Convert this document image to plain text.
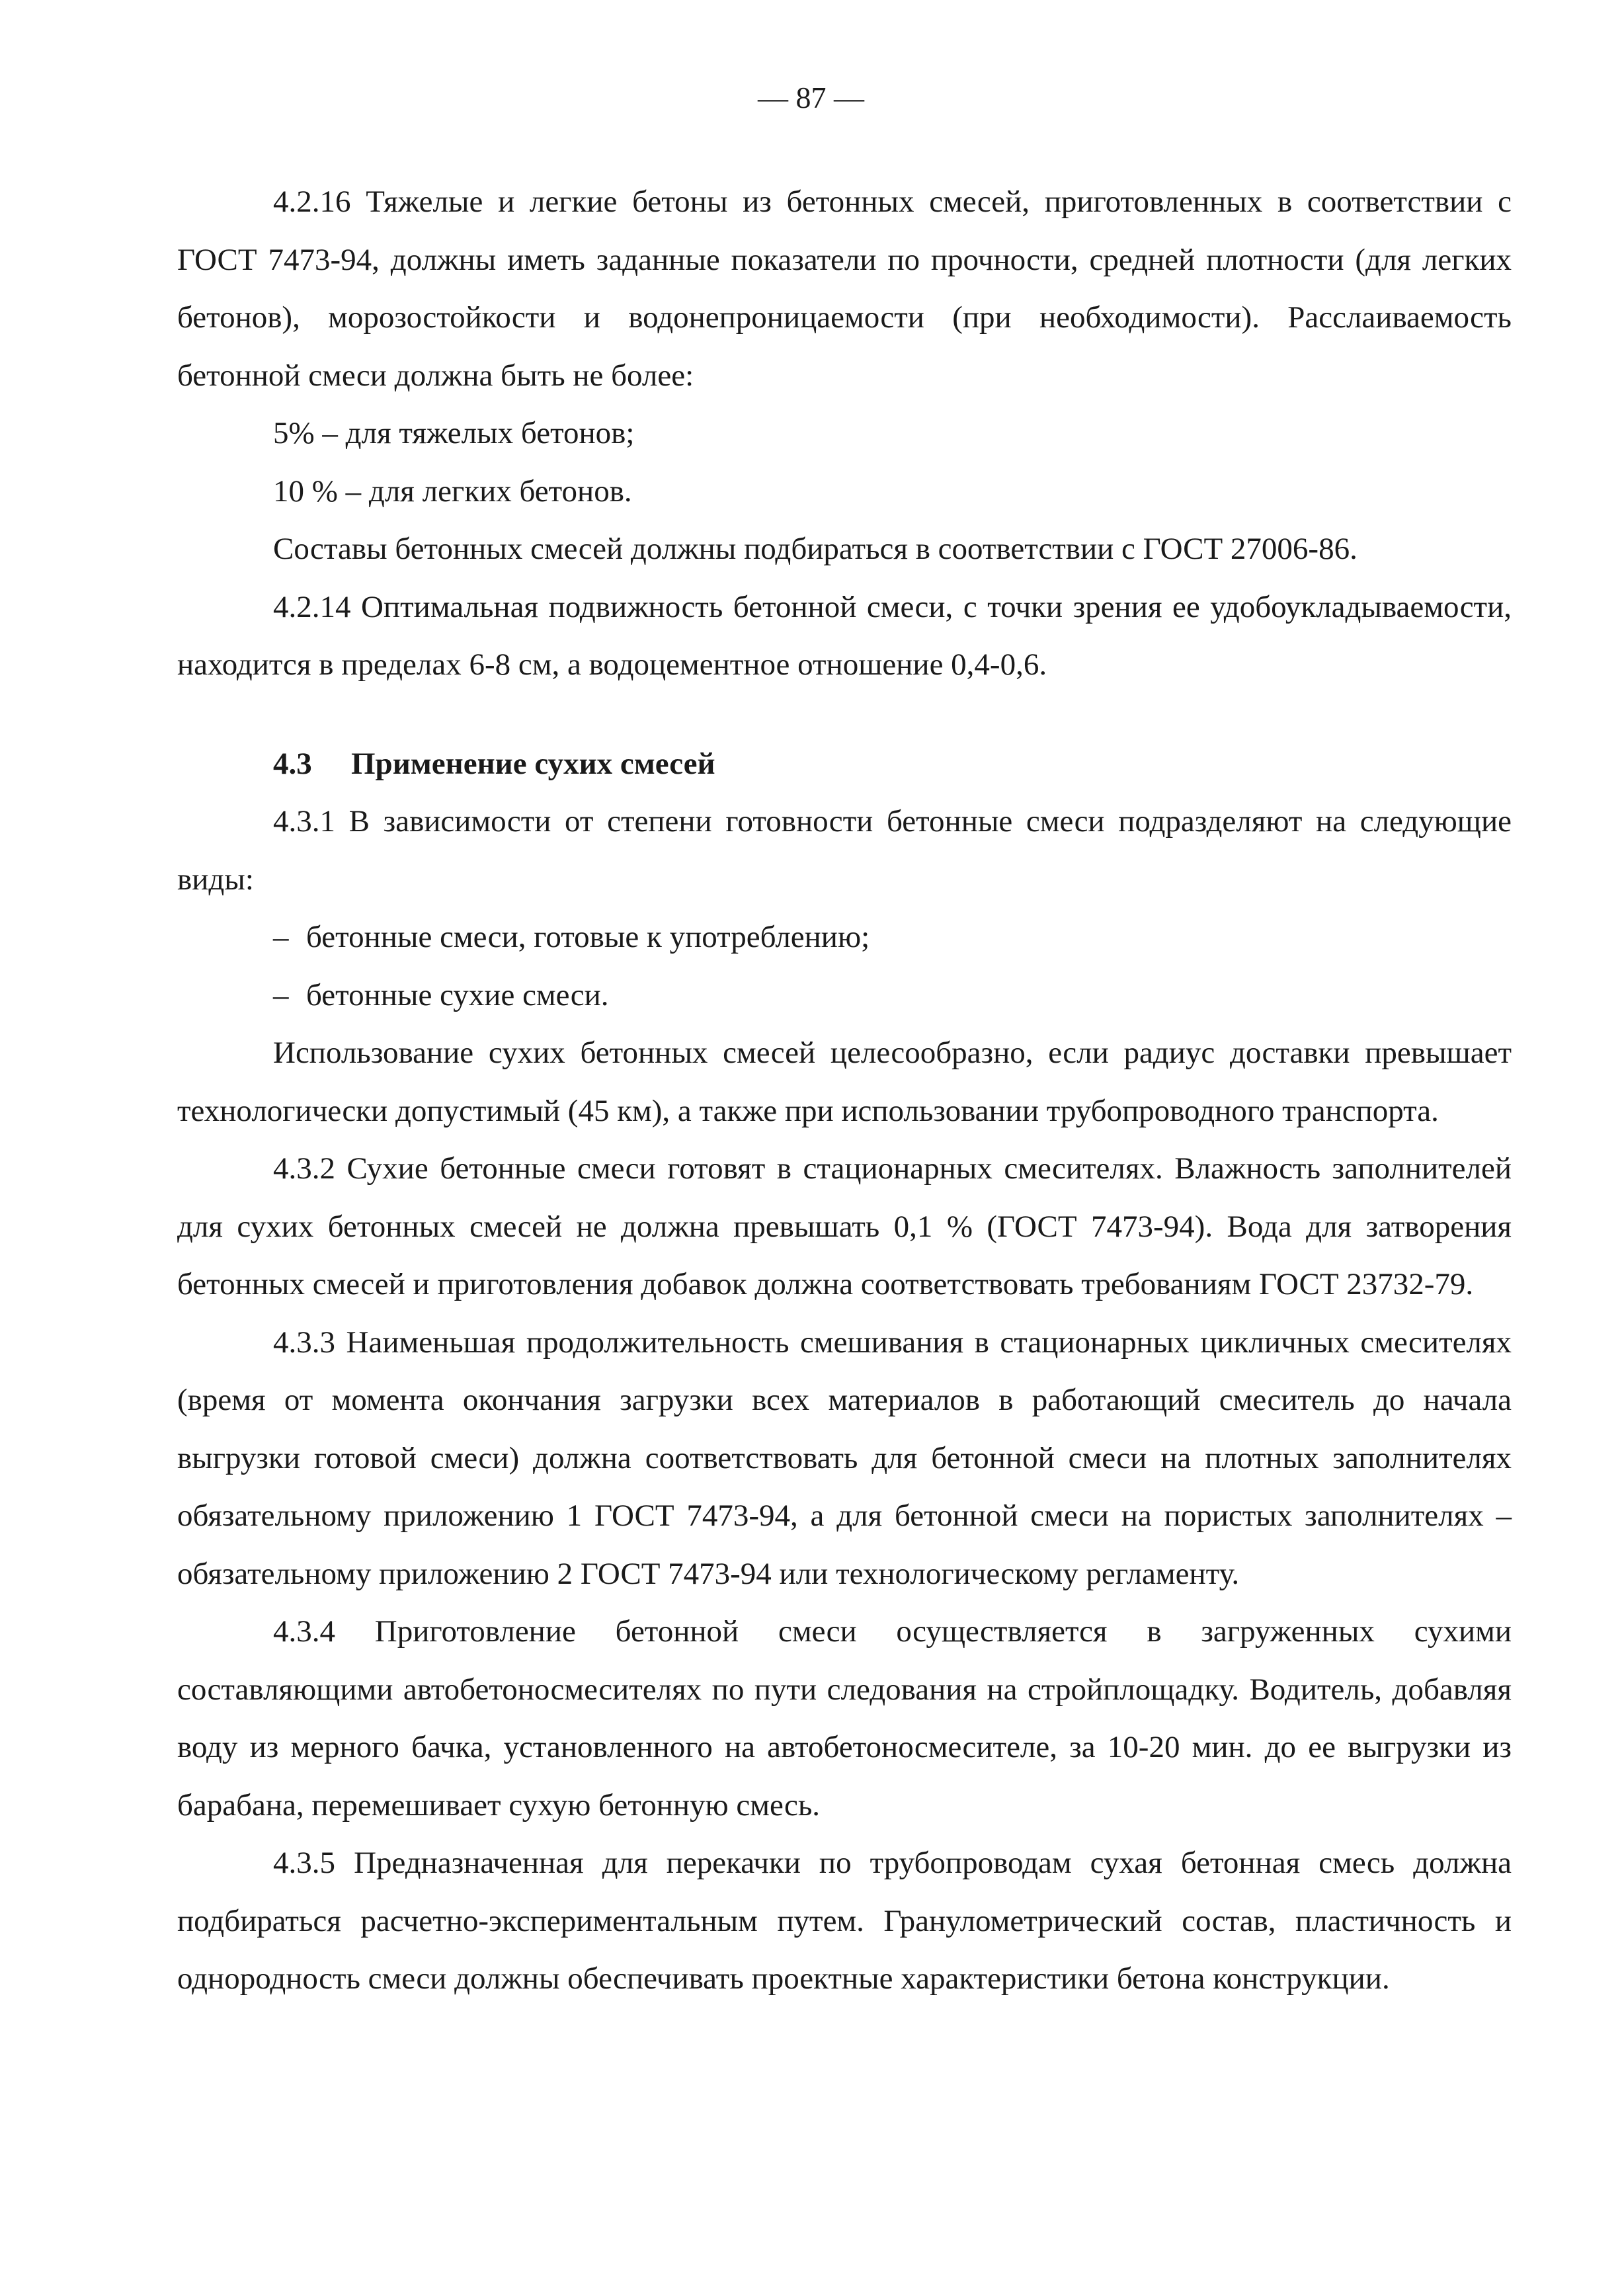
— 87 —

4.2.16 Тяжелые и легкие бетоны из бетонных смесей, приготовленных в соответствии с ГОСТ 7473-94, должны иметь заданные показатели по прочности, средней плотности (для легких бетонов), морозостойкости и водонепроницаемости (при необходимости). Расслаиваемость бетонной смеси должна быть не более:

5% – для тяжелых бетонов;

10 % – для легких бетонов.

Составы бетонных смесей должны подбираться в соответствии с ГОСТ 27006-86.

4.2.14 Оптимальная подвижность бетонной смеси, с точки зрения ее удобоукладываемости, находится в пределах 6-8 см, а водоцементное отношение 0,4-0,6.

4.3 Применение сухих смесей

4.3.1 В зависимости от степени готовности бетонные смеси подразделяют на следующие виды:

– бетонные смеси, готовые к употреблению;

– бетонные сухие смеси.

Использование сухих бетонных смесей целесообразно, если радиус доставки превышает технологически допустимый (45 км), а также при использовании трубопроводного транспорта.

4.3.2 Сухие бетонные смеси готовят в стационарных смесителях. Влажность заполнителей для сухих бетонных смесей не должна превышать 0,1 % (ГОСТ 7473-94). Вода для затворения бетонных смесей и приготовления добавок должна соответствовать требованиям ГОСТ 23732-79.

4.3.3 Наименьшая продолжительность смешивания в стационарных цикличных смесителях (время от момента окончания загрузки всех материалов в работающий смеситель до начала выгрузки готовой смеси) должна соответствовать для бетонной смеси на плотных заполнителях обязательному приложению 1 ГОСТ 7473-94, а для бетонной смеси на пористых заполнителях – обязательному приложению 2 ГОСТ 7473-94 или технологическому регламенту.

4.3.4 Приготовление бетонной смеси осуществляется в загруженных сухими составляющими автобетоносмесителях по пути следования на стройплощадку. Водитель, добавляя воду из мерного бачка, установленного на автобетоносмесителе, за 10-20 мин. до ее выгрузки из барабана, перемешивает сухую бетонную смесь.

4.3.5 Предназначенная для перекачки по трубопроводам сухая бетонная смесь должна подбираться расчетно-экспериментальным путем. Гранулометрический состав, пластичность и однородность смеси должны обеспечивать проектные характеристики бетона конструкции.
